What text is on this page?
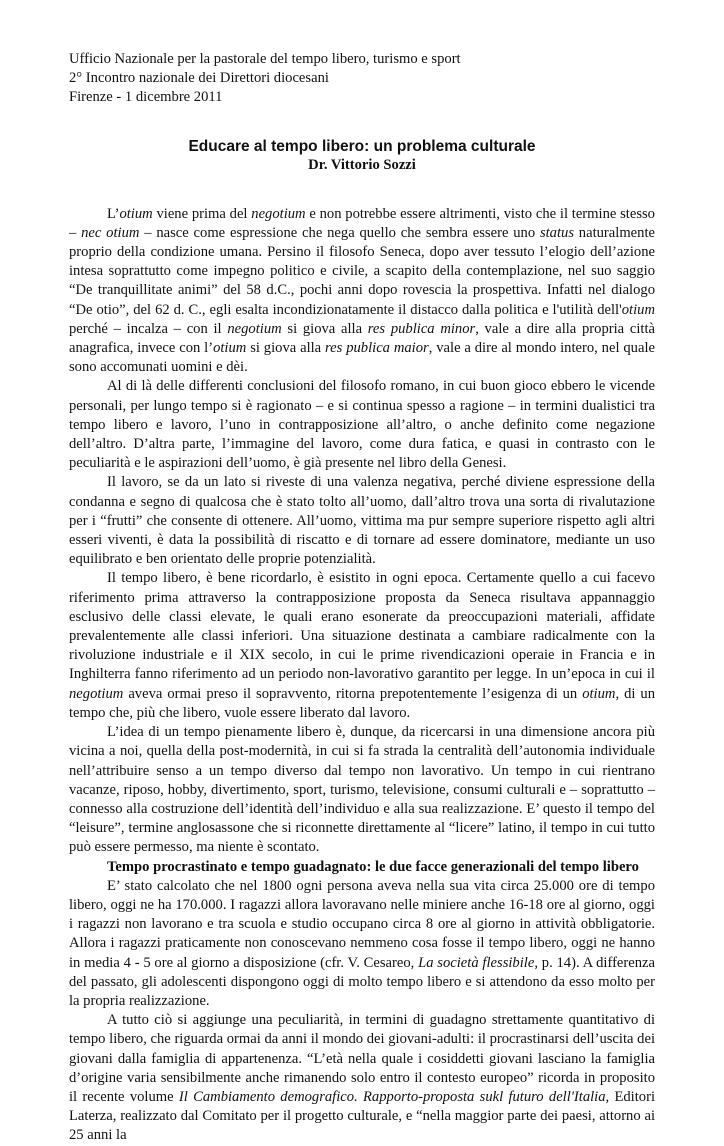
Ufficio Nazionale per la pastorale del tempo libero, turismo e sport

2° Incontro nazionale dei Direttori diocesani

Firenze - 1 dicembre 2011

Educare al tempo libero: un problema culturale

Dr. Vittorio Sozzi

L’otium viene prima del negotium e non potrebbe essere altrimenti, visto che il termine stesso – nec otium – nasce come espressione che nega quello che sembra essere uno status naturalmente proprio della condizione umana. Persino il filosofo Seneca, dopo aver tessuto l’elogio dell’azione intesa soprattutto come impegno politico e civile, a scapito della contemplazione, nel suo saggio “De tranquillitate animi” del 58 d.C., pochi anni dopo rovescia la prospettiva. Infatti nel dialogo “De otio”, del 62 d. C., egli esalta incondizionatamente il distacco dalla politica e l'utilità dell'otium perché – incalza – con il negotium si giova alla res publica minor, vale a dire alla propria città anagrafica, invece con l’otium si giova alla res publica maior, vale a dire al mondo intero, nel quale sono accomunati uomini e dèi.

Al di là delle differenti conclusioni del filosofo romano, in cui buon gioco ebbero le vicende personali, per lungo tempo si è ragionato – e si continua spesso a ragione – in termini dualistici tra tempo libero e lavoro, l’uno in contrapposizione all’altro, o anche definito come negazione dell’altro. D’altra parte, l’immagine del lavoro, come dura fatica, e quasi in contrasto con le peculiarità e le aspirazioni dell’uomo, è già presente nel libro della Genesi.

Il lavoro, se da un lato si riveste di una valenza negativa, perché diviene espressione della condanna e segno di qualcosa che è stato tolto all’uomo, dall’altro trova una sorta di rivalutazione per i “frutti” che consente di ottenere. All’uomo, vittima ma pur sempre superiore rispetto agli altri esseri viventi, è data la possibilità di riscatto e di tornare ad essere dominatore, mediante un uso equilibrato e ben orientato delle proprie potenzialità.

Il tempo libero, è bene ricordarlo, è esistito in ogni epoca. Certamente quello a cui facevo riferimento prima attraverso la contrapposizione proposta da Seneca risultava appannaggio esclusivo delle classi elevate, le quali erano esonerate da preoccupazioni materiali, affidate prevalentemente alle classi inferiori. Una situazione destinata a cambiare radicalmente con la rivoluzione industriale e il XIX secolo, in cui le prime rivendicazioni operaie in Francia e in Inghilterra fanno riferimento ad un periodo non-lavorativo garantito per legge. In un’epoca in cui il negotium aveva ormai preso il sopravvento, ritorna prepotentemente l’esigenza di un otium, di un tempo che, più che libero, vuole essere liberato dal lavoro.

L’idea di un tempo pienamente libero è, dunque, da ricercarsi in una dimensione ancora più vicina a noi, quella della post-modernità, in cui si fa strada la centralità dell’autonomia individuale nell’attribuire senso a un tempo diverso dal tempo non lavorativo. Un tempo in cui rientrano vacanze, riposo, hobby, divertimento, sport, turismo, televisione, consumi culturali e – soprattutto – connesso alla costruzione dell’identità dell’individuo e alla sua realizzazione. E’ questo il tempo del “leisure”, termine anglosassone che si riconnette direttamente al “licere” latino, il tempo in cui tutto può essere permesso, ma niente è scontato.

Tempo procrastinato e tempo guadagnato: le due facce generazionali del tempo libero

E’ stato calcolato che nel 1800 ogni persona aveva nella sua vita circa 25.000 ore di tempo libero, oggi ne ha 170.000. I ragazzi allora lavoravano nelle miniere anche 16-18 ore al giorno, oggi i ragazzi non lavorano e tra scuola e studio occupano circa 8 ore al giorno in attività obbligatorie. Allora i ragazzi praticamente non conoscevano nemmeno cosa fosse il tempo libero, oggi ne hanno in media 4 - 5 ore al giorno a disposizione (cfr. V. Cesareo, La società flessibile, p. 14). A differenza del passato, gli adolescenti dispongono oggi di molto tempo libero e si attendono da esso molto per la propria realizzazione.

A tutto ciò si aggiunge una peculiarità, in termini di guadagno strettamente quantitativo di tempo libero, che riguarda ormai da anni il mondo dei giovani-adulti: il procrastinarsi dell’uscita dei giovani dalla famiglia di appartenenza. “L’età nella quale i cosiddetti giovani lasciano la famiglia d’origine varia sensibilmente anche rimanendo solo entro il contesto europeo” ricorda in proposito il recente volume Il Cambiamento demografico. Rapporto-proposta sukl futuro dell'Italia, Editori Laterza, realizzato dal Comitato per il progetto culturale, e “nella maggior parte dei paesi, attorno ai 25 anni la
